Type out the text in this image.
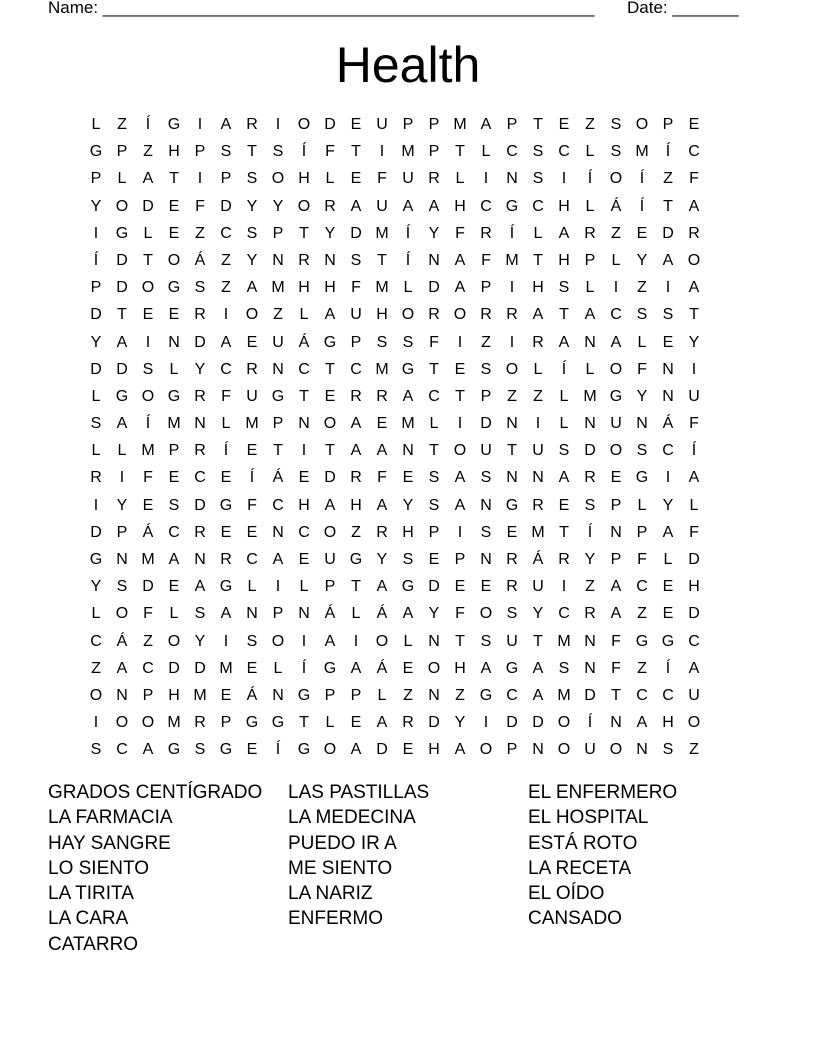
Name: ____________________________________________________ Date: _______
Health
L	Z	Í	G	I	A R	I	O D E U P P M A P T E Z S O P E
G P Z H P S T S	Í	F	T	I	M P T	L C S C L	S M	Í	C
P	L	A T	I	P S O H L	E F U R L	I	N S	I	Í	O	Í	Z	F
Y O D E F D Y Y O R A U A A H C G C H L	Á	Í	T A
I	G L	E Z C S P T Y D M	Í	Y F R	Í	L	A R Z E D R
Í	D T O Á Z Y N R N S T	Í	N A F M T H P	L	Y A O
P D O G S Z A M H H F M L D A P	I	H S	L	I	Z	I	A
D T E E R	I	O Z	L	A U H O R O R R A T A C S S T
Y A	I	N D A E U Á G P S S F	I	Z	I	R A N A	L	E Y
D D S	L	Y C R N C T C M G T E S O L	Í	L O F N	I
L G O G R F U G T E R R A C T P Z	Z	L M G Y N U
S A	Í	M N L M P N O A E M L	I	D N	I	L N U N Á F
L	L M P R	Í	E T	I	T A A N T O U T U S D O S C	Í
R	I	F E C E	Í	Á E D R F E S A S N N A R E G	I	A
I	Y E S D G F C H A H A Y S A N G R E S P	L	Y	L
D P Á C R E E N C O Z R H P	I	S E M T	Í	N P A F
G N M A N R C A E U G Y S E P N R Á R Y P F	L D
Y S D E A G L	I	L	P T A G D E E R U	I	Z A C E H
L O F	L	S A N P N Á	L	Á A Y F O S Y C R A Z E D
C Á Z O Y	I	S O	I	A	I	O L N T S U T M N F G G C
Z A C D D M E	L	Í	G A Á E O H A G A S N F	Z	Í	A
O N P H M E Á N G P P	L	Z N Z G C A M D T C C U
I	O O M R P G G T	L	E A R D Y	I	D D O	Í	N A H O
S C A G S G E	Í	G O A D E H A O P N O U O N S Z
GRADOS CENTÍGRADO
LA FARMACIA
HAY SANGRE
LO SIENTO
LA TIRITA
LA CARA
CATARRO
LAS PASTILLAS
LA MEDECINA
PUEDO IR A
ME SIENTO
LA NARIZ
ENFERMO
EL ENFERMERO
EL HOSPITAL
ESTÁ ROTO
LA RECETA
EL OÍDO
CANSADO
